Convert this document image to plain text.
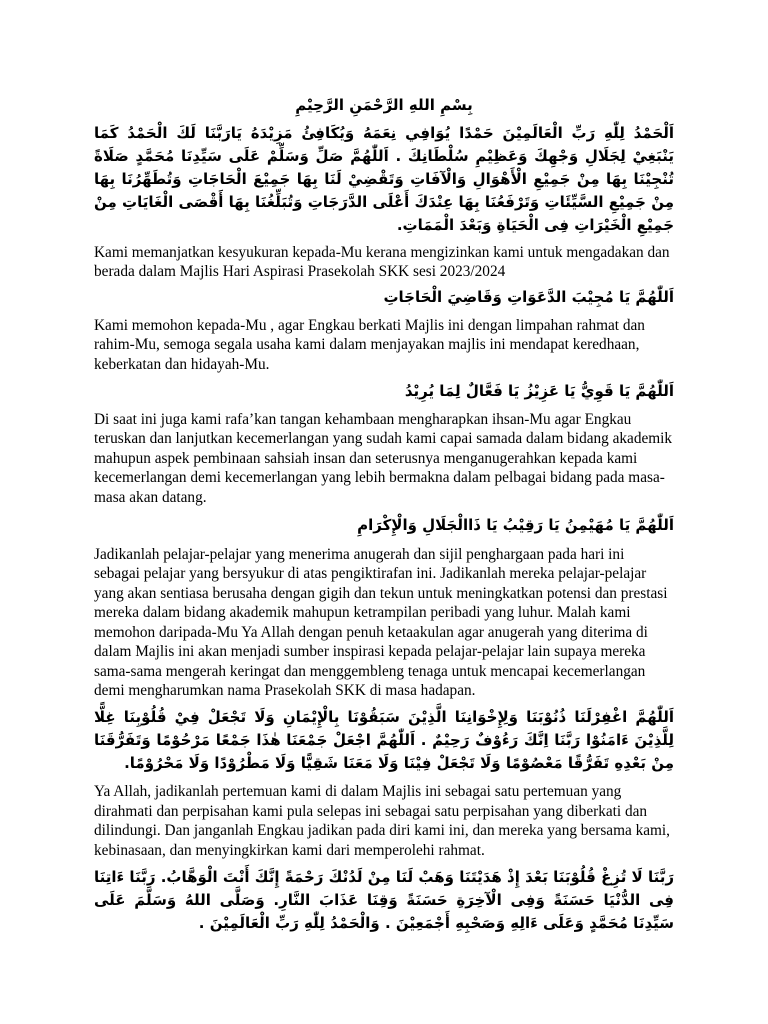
بِسْمِ اللهِ الرَّحْمَنِ الرَّحِيْمِ

اَلْحَمْدُ لِلّٰهِ رَبِّ الْعَالَمِيْنَ حَمْدًا يُوَافِي نِعَمَهُ وَيُكَافِئُ مَزِيْدَهُ يَارَبَّنَا لَكَ الْحَمْدُ كَمَا يَنْبَغِيْ لِجَلَالِ وَجْهِكَ وَعَظِيْمِ سُلْطَانِكَ . اَللّٰهُمَّ صَلِّ وَسَلِّمْ عَلَى سَيِّدِنَا مُحَمَّدٍ صَلَاةً تُنْجِيْنَا بِهَا مِنْ جَمِيْعِ الْأَهْوَالِ وَالْآفَاتِ وَتَقْضِيْ لَنَا بِهَا جَمِيْعَ الْحَاجَاتِ وَتُطَهِّرُنَا بِهَا مِنْ جَمِيْعِ السَّيِّئَاتِ وَتَرْفَعُنَا بِهَا عِنْدَكَ أَعْلَى الدَّرَجَاتِ وَتُبَلِّغُنَا بِهَا أَقْصَى الْغَايَاتِ مِنْ جَمِيْعِ الْخَيْرَاتِ فِى الْحَيَاةِ وَبَعْدَ الْمَمَاتِ.

Kami memanjatkan kesyukuran kepada-Mu kerana mengizinkan kami untuk mengadakan dan berada dalam Majlis Hari Aspirasi Prasekolah SKK sesi 2023/2024

اَللّٰهُمَّ يَا مُجِيْبَ الدَّعَوَاتِ وَقَاضِيَ الْحَاجَاتِ

Kami memohon kepada-Mu , agar Engkau berkati Majlis ini dengan limpahan rahmat dan rahim-Mu, semoga segala usaha kami dalam menjayakan majlis ini mendapat keredhaan, keberkatan dan hidayah-Mu.

اَللّٰهُمَّ يَا قَوِيُّ يَا عَزِيْزُ يَا فَعَّالٌ لِمَا يُرِيْدُ

Di saat ini juga kami rafa’kan tangan kehambaan mengharapkan ihsan-Mu agar Engkau teruskan dan lanjutkan kecemerlangan yang sudah kami capai samada dalam bidang akademik mahupun aspek pembinaan sahsiah insan dan seterusnya menganugerahkan kepada kami kecemerlangan demi kecemerlangan yang lebih bermakna dalam pelbagai bidang pada masa-masa akan datang.

اَللّٰهُمَّ يَا مُهَيْمِنُ يَا رَقِيْبُ يَا ذَاالْجَلَالِ وَالْإِكْرَامِ

Jadikanlah pelajar-pelajar yang menerima anugerah dan sijil penghargaan pada hari ini sebagai pelajar yang bersyukur di atas pengiktirafan ini. Jadikanlah mereka pelajar-pelajar yang akan sentiasa berusaha dengan gigih dan tekun untuk meningkatkan potensi dan prestasi mereka dalam bidang akademik mahupun ketrampilan peribadi yang luhur. Malah kami memohon daripada-Mu Ya Allah dengan penuh ketaakulan agar anugerah yang diterima di dalam Majlis ini akan menjadi sumber inspirasi kepada pelajar-pelajar lain supaya mereka sama-sama mengerah keringat dan menggembleng tenaga untuk mencapai kecemerlangan demi mengharumkan nama Prasekolah SKK di masa hadapan.

اَللّٰهُمَّ اغْفِرْلَنَا ذُنُوْبَنَا وَلِإِخْوَانِنَا الَّذِيْنَ سَبَقُوْنَا بِالْإِيْمَانِ وَلَا تَجْعَلْ فِيْ قُلُوْبِنَا غِلًّا لِلَّذِيْنَ ءَامَنُوْا رَبَّنَا اِنَّكَ رَءُوْفٌ رَحِيْمٌ . اَللّٰهُمَّ اجْعَلْ جَمْعَنَا هٰذَا جَمْعًا مَرْحُوْمًا وَتَفَرُّقَنَا مِنْ بَعْدِهِ تَفَرُّقًا مَعْصُوْمًا وَلَا تَجْعَلْ فِيْنَا وَلَا مَعَنَا شَقِيًّا وَلَا مَطْرُوْدًا وَلَا مَحْرُوْمًا.

Ya Allah, jadikanlah pertemuan kami di dalam Majlis ini sebagai satu pertemuan yang dirahmati dan perpisahan kami pula selepas ini sebagai satu perpisahan yang diberkati dan dilindungi. Dan janganlah Engkau jadikan pada diri kami ini, dan mereka yang bersama kami, kebinasaan, dan menyingkirkan kami dari memperolehi rahmat.

رَبَّنَا لَا تُزِغْ قُلُوْبَنَا بَعْدَ إِذْ هَدَيْتَنَا وَهَبْ لَنَا مِنْ لَدُنْكَ رَحْمَةً إِنَّكَ أَنْتَ الْوَهَّابُ. رَبَّنَا ءَاتِنَا فِى الدُّنْيَا حَسَنَةً وَفِى الْآخِرَةِ حَسَنَةً وَقِنَا عَذَابَ النَّارِ. وَصَلَّى اللهُ وَسَلَّمَ عَلَى سَيِّدِنَا مُحَمَّدٍ وَعَلَى ءَالِهِ وَصَحْبِهِ أَجْمَعِيْنَ . وَالْحَمْدُ لِلّٰهِ رَبِّ الْعَالَمِيْنَ .
